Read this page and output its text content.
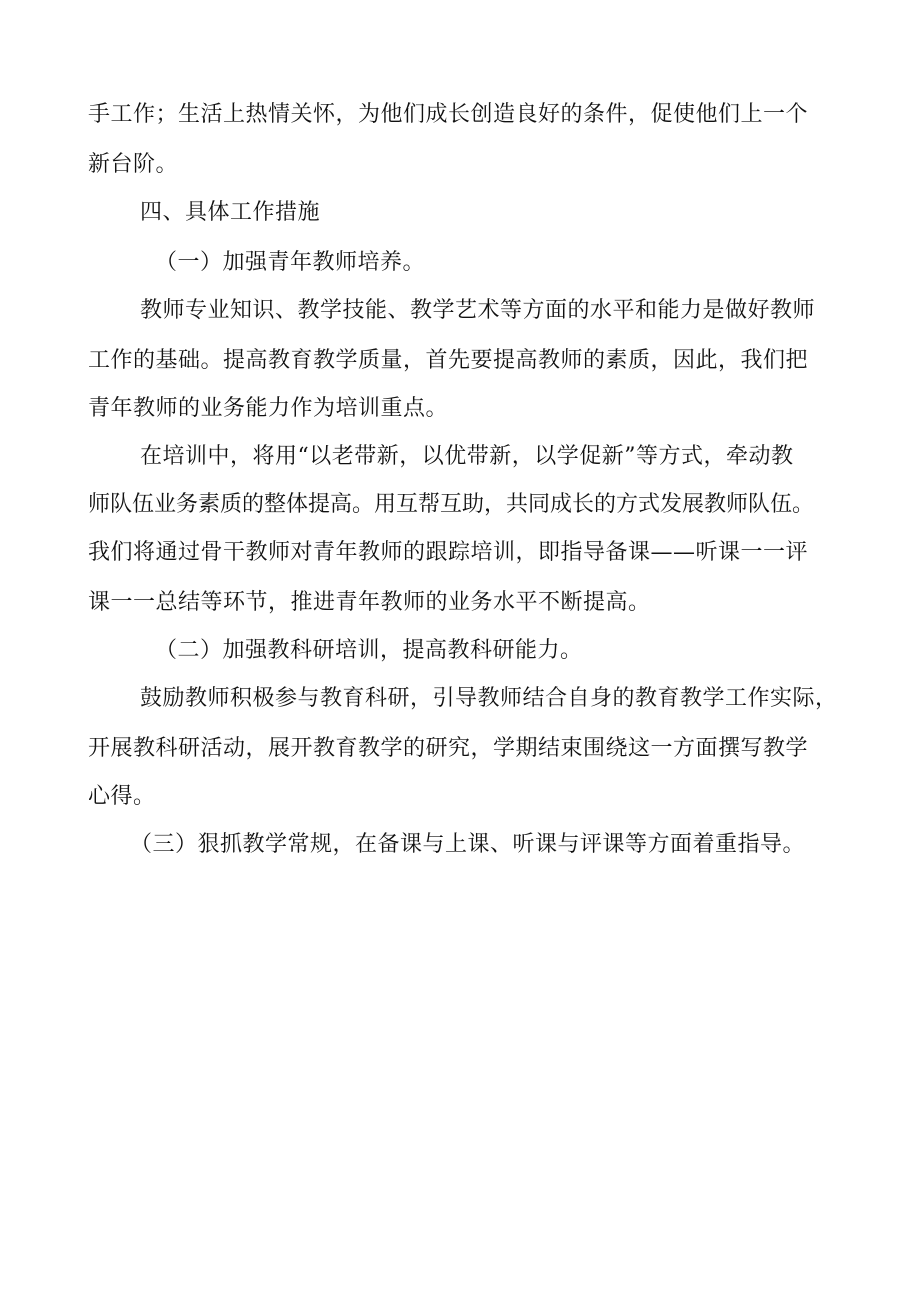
手工作；生活上热情关怀，为他们成长创造良好的条件，促使他们上一个
新台阶。
四、具体工作措施
（一）加强青年教师培养。
教师专业知识、教学技能、教学艺术等方面的水平和能力是做好教师
工作的基础。提高教育教学质量，首先要提高教师的素质，因此，我们把
青年教师的业务能力作为培训重点。
在培训中，将用“以老带新，以优带新，以学促新”等方式，牵动教
师队伍业务素质的整体提高。用互帮互助，共同成长的方式发展教师队伍。
我们将通过骨干教师对青年教师的跟踪培训，即指导备课——听课一一评
课一一总结等环节，推进青年教师的业务水平不断提高。
（二）加强教科研培训，提高教科研能力。
鼓励教师积极参与教育科研，引导教师结合自身的教育教学工作实际，
开展教科研活动，展开教育教学的研究，学期结束围绕这一方面撰写教学
心得。
（三）狠抓教学常规，在备课与上课、听课与评课等方面着重指导。
